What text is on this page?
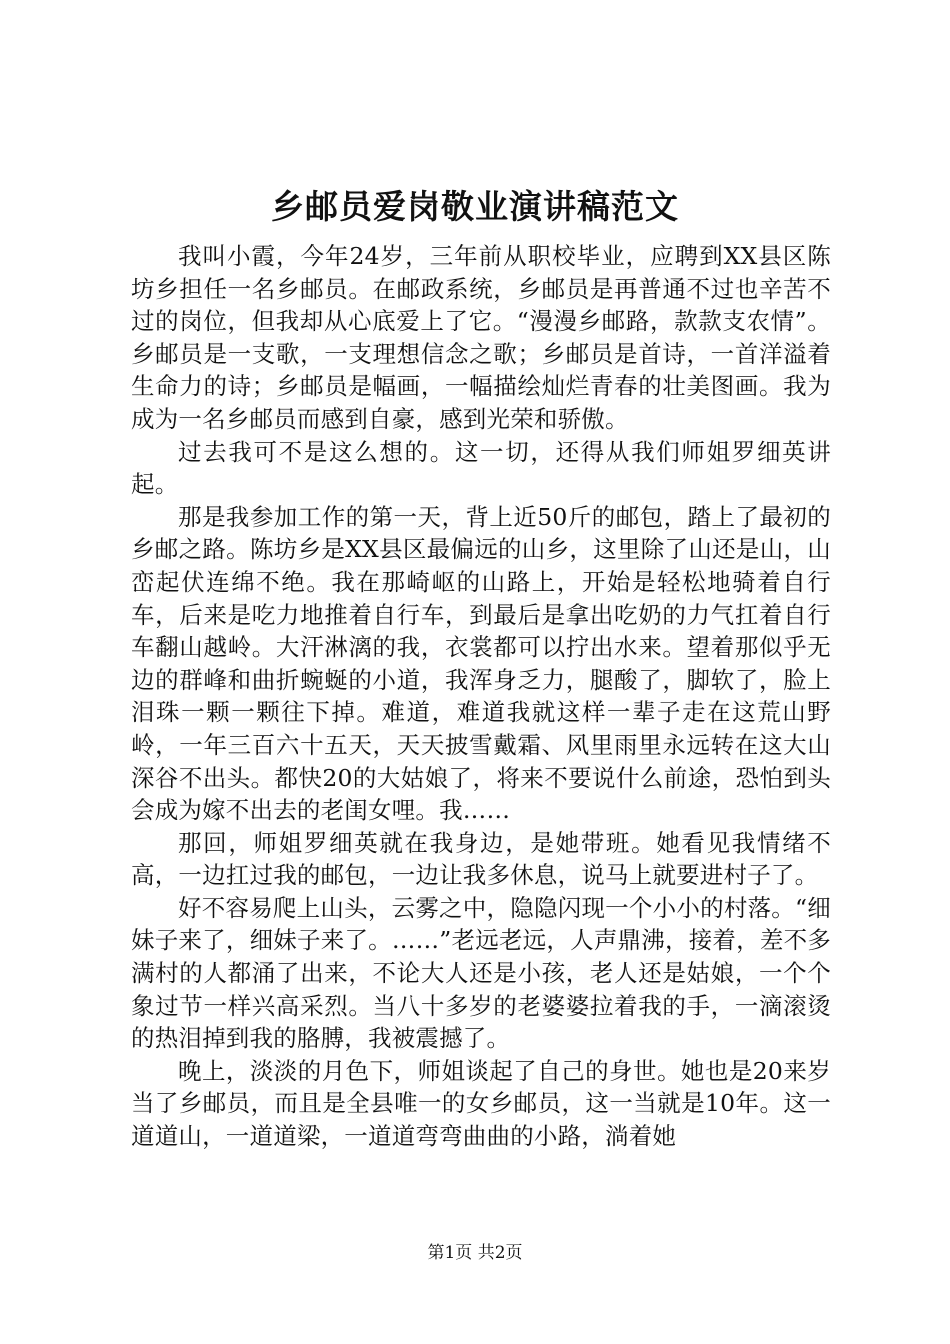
乡邮员爱岗敬业演讲稿范文

我叫小霞，今年24岁，三年前从职校毕业，应聘到XX县区陈坊乡担任一名乡邮员。在邮政系统，乡邮员是再普通不过也辛苦不过的岗位，但我却从心底爱上了它。“漫漫乡邮路，款款支农情”。乡邮员是一支歌，一支理想信念之歌；乡邮员是首诗，一首洋溢着生命力的诗；乡邮员是幅画，一幅描绘灿烂青春的壮美图画。我为成为一名乡邮员而感到自豪，感到光荣和骄傲。

过去我可不是这么想的。这一切，还得从我们师姐罗细英讲起。

那是我参加工作的第一天，背上近50斤的邮包，踏上了最初的乡邮之路。陈坊乡是XX县区最偏远的山乡，这里除了山还是山，山峦起伏连绵不绝。我在那崎岖的山路上，开始是轻松地骑着自行车，后来是吃力地推着自行车，到最后是拿出吃奶的力气扛着自行车翻山越岭。大汗淋漓的我，衣裳都可以拧出水来。望着那似乎无边的群峰和曲折蜿蜒的小道，我浑身乏力，腿酸了，脚软了，脸上泪珠一颗一颗往下掉。难道，难道我就这样一辈子走在这荒山野岭，一年三百六十五天，天天披雪戴霜、风里雨里永远转在这大山深谷不出头。都快20的大姑娘了，将来不要说什么前途，恐怕到头会成为嫁不出去的老闺女哩。我……

那回，师姐罗细英就在我身边，是她带班。她看见我情绪不高，一边扛过我的邮包，一边让我多休息，说马上就要进村子了。

好不容易爬上山头，云雾之中，隐隐闪现一个小小的村落。“细妹子来了，细妹子来了。……”老远老远，人声鼎沸，接着，差不多满村的人都涌了出来，不论大人还是小孩，老人还是姑娘，一个个象过节一样兴高采烈。当八十多岁的老婆婆拉着我的手，一滴滚烫的热泪掉到我的胳膊，我被震撼了。

晚上，淡淡的月色下，师姐谈起了自己的身世。她也是20来岁当了乡邮员，而且是全县唯一的女乡邮员，这一当就是10年。这一道道山，一道道梁，一道道弯弯曲曲的小路，淌着她

第1页 共2页
